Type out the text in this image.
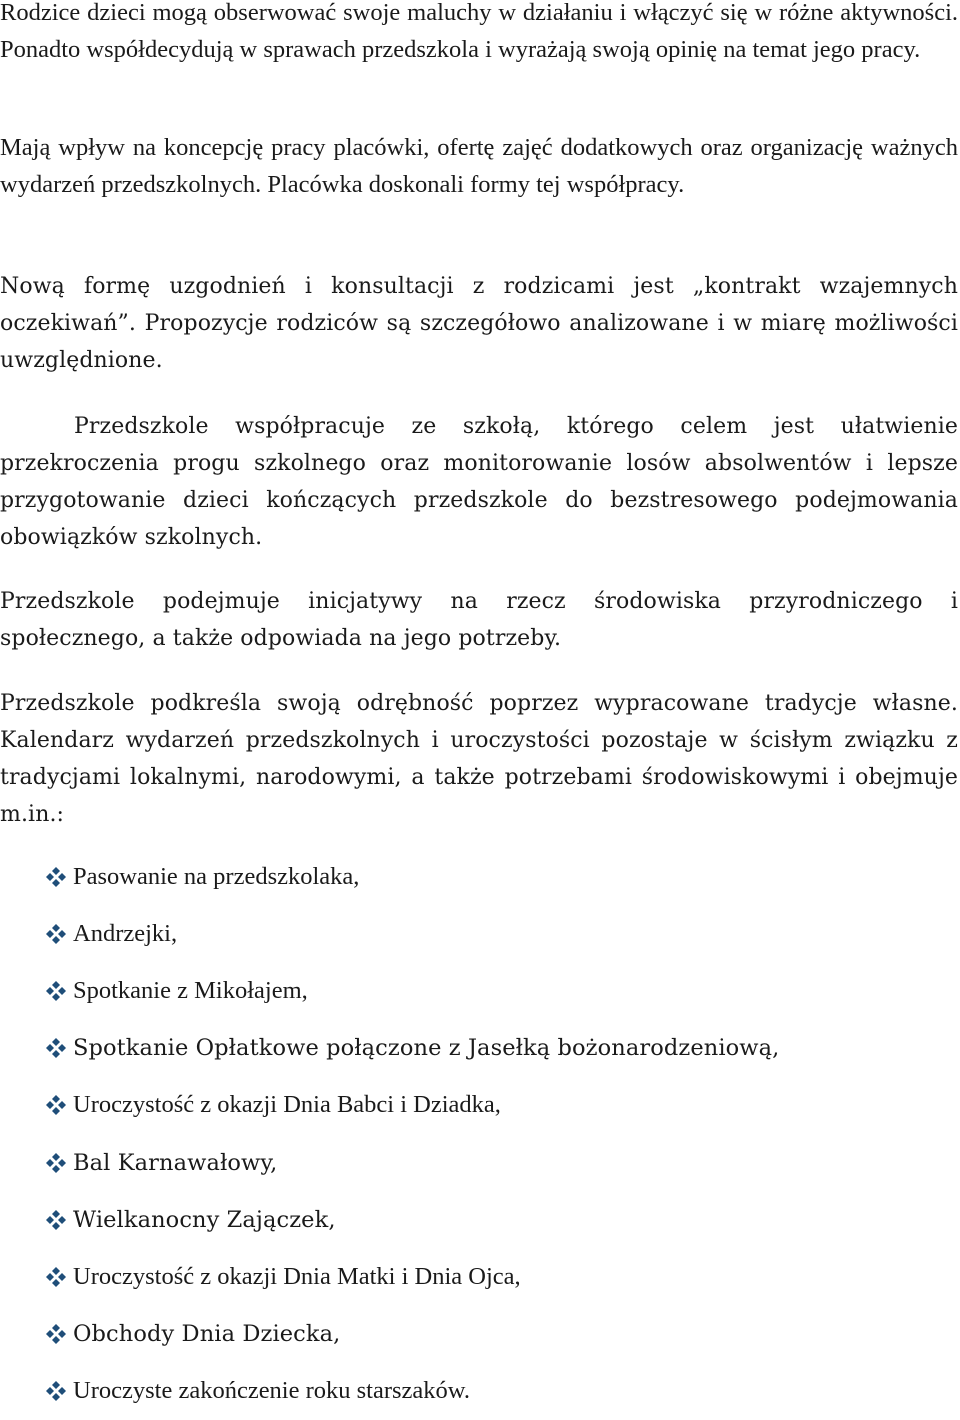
Rodzice dzieci mogą obserwować swoje maluchy w działaniu i włączyć się w różne aktywności. Ponadto współdecydują w sprawach przedszkola i wyrażają swoją opinię na temat jego pracy.

Mają wpływ na koncepcję pracy placówki, ofertę zajęć dodatkowych oraz organizację ważnych wydarzeń przedszkolnych. Placówka doskonali formy tej współpracy.

Nową formę uzgodnień i konsultacji z rodzicami jest „kontrakt wzajemnych oczekiwań”. Propozycje rodziców są szczegółowo analizowane i w miarę możliwości uwzględnione.

Przedszkole współpracuje ze szkołą, którego celem jest ułatwienie przekroczenia progu szkolnego oraz monitorowanie losów absolwentów i lepsze przygotowanie dzieci kończących przedszkole do bezstresowego podejmowania obowiązków szkolnych.

Przedszkole podejmuje inicjatywy na rzecz środowiska przyrodniczego i społecznego, a także odpowiada na jego potrzeby.

Przedszkole podkreśla swoją odrębność poprzez wypracowane tradycje własne. Kalendarz wydarzeń przedszkolnych i uroczystości pozostaje w ścisłym związku z tradycjami lokalnymi, narodowymi, a także potrzebami środowiskowymi i obejmuje m.in.:

Pasowanie na przedszkolaka,
Andrzejki,
Spotkanie z Mikołajem,
Spotkanie Opłatkowe połączone z Jasełką bożonarodzeniową,
Uroczystość z okazji Dnia Babci i Dziadka,
Bal Karnawałowy,
Wielkanocny Zajączek,
Uroczystość z okazji Dnia Matki i Dnia Ojca,
Obchody Dnia Dziecka,
Uroczyste zakończenie roku starszaków.
